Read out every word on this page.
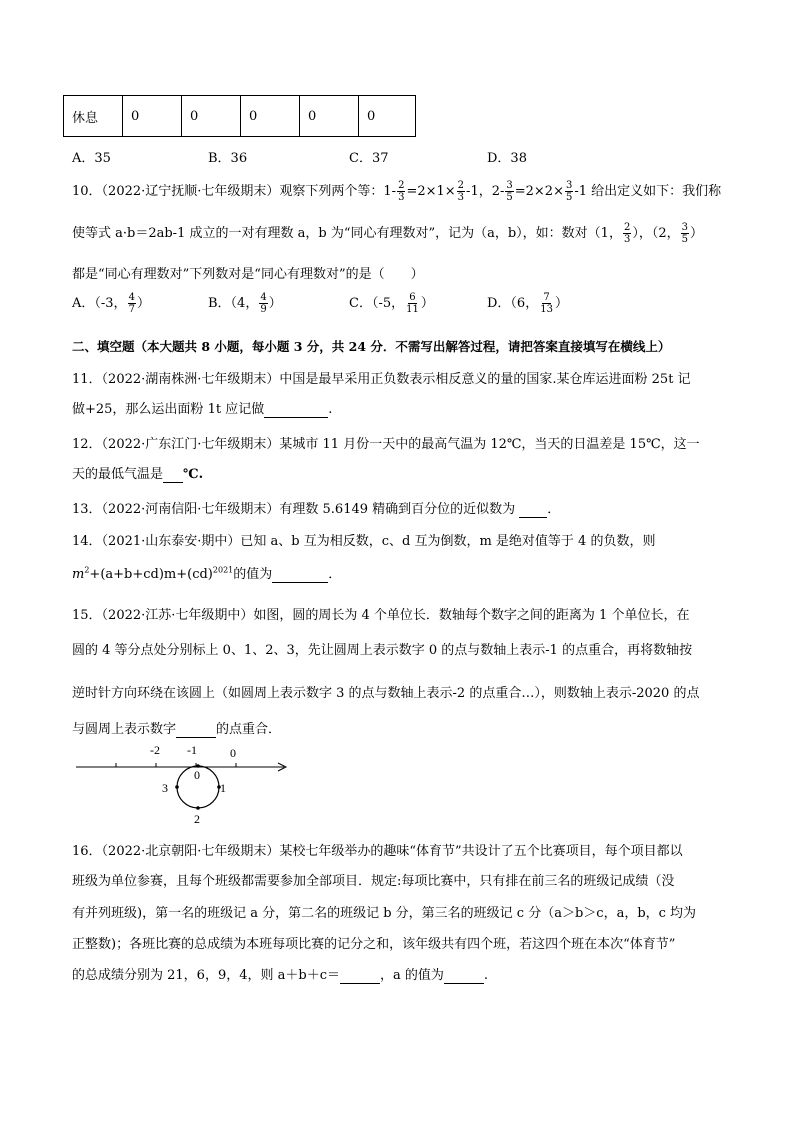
休息	0	0	0	0	0
A．35	B．36	C．37	D．38
10．（2022·辽宁抚顺·七年级期末）观察下列两个等：$1- \frac{2}{3} =2\times 1\times \frac{2}{3} -1$，$2- \frac{3}{5} =2\times 2\times \frac{3}{5} -1$ 给出定义如下：我们称
使等式 a·b＝2ab-1 成立的一对有理数 a，b 为“同心有理数对”，记为（a，b），如：数对（1， $\frac{2}{3}$ ），（2， $\frac{3}{5}$ ）
都是“同心有理数对”下列数对是“同心有理数对”的是（　　）
A．（-3， $\frac{4}{7}$ ）	B．（4， $\frac{4}{9}$ ）	C．（-5， $\frac{6}{11}$ ）	D．（6， $\frac{7}{13}$ ）
二、填空题（本大题共 8 小题，每小题 3 分，共 24 分．不需写出解答过程，请把答案直接填写在横线上）
11．（2022·湖南株洲·七年级期末）中国是最早采用正负数表示相反意义的量的国家.某仓库运进面粉 25t 记
做+25，那么运出面粉 1t 应记做	.
12．（2022·广东江门·七年级期末）某城市 11 月份一天中的最高气温为 12℃，当天的日温差是 15℃，这一
天的最低气温是 ℃.
13．（2022·河南信阳·七年级期末）有理数 5.6149 精确到百分位的近似数为 ．
14．（2021·山东泰安·期中）已知 a、b 互为相反数，c、d 互为倒数，m 是绝对值等于 4 的负数，则
$m^2+(a+b+cd)m+(cd)^{2021}$的值为	．
15．（2022·江苏·七年级期中）如图，圆的周长为 4 个单位长．数轴每个数字之间的距离为 1 个单位长，在
圆的 4 等分点处分别标上 0、1、2、3，先让圆周上表示数字 0 的点与数轴上表示-1 的点重合，再将数轴按
逆时针方向环绕在该圆上（如圆周上表示数字 3 的点与数轴上表示-2 的点重合…），则数轴上表示-2020 的点
与圆周上表示数字	的点重合．
-2 -1	0
0
1
2
3
16．（2022·北京朝阳·七年级期末）某校七年级举办的趣味“体育节”共设计了五个比赛项目，每个项目都以
班级为单位参赛，且每个班级都需要参加全部项目．规定:每项比赛中，只有排在前三名的班级记成绩（没
有并列班级)，第一名的班级记 a 分，第二名的班级记 b 分，第三名的班级记 c 分（a＞b＞c，a，b，c 均为
正整数)；各班比赛的总成绩为本班每项比赛的记分之和，该年级共有四个班，若这四个班在本次“体育节”
的总成绩分别为 21，6，9，4，则 a＋b＋c＝	，a 的值为	.
